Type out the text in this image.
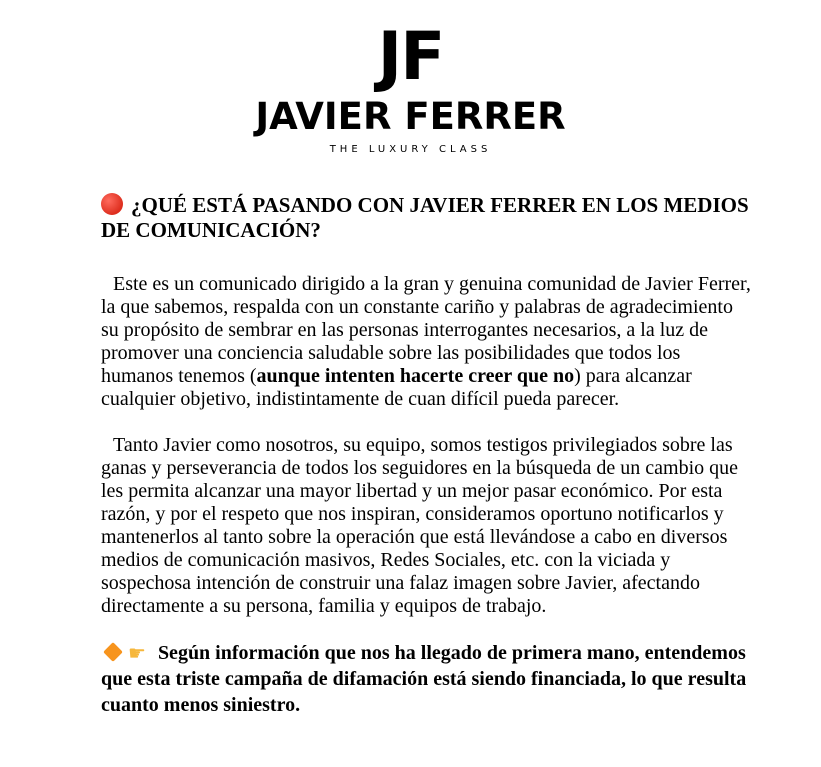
JF
JAVIER FERRER
THE LUXURY CLASS
¿QUÉ ESTÁ PASANDO CON JAVIER FERRER EN LOS MEDIOS DE COMUNICACIÓN?

Este es un comunicado dirigido a la gran y genuina comunidad de Javier Ferrer, la que sabemos, respalda con un constante cariño y palabras de agradecimiento su propósito de sembrar en las personas interrogantes necesarios, a la luz de promover una conciencia saludable sobre las posibilidades que todos los humanos tenemos (aunque intenten hacerte creer que no) para alcanzar cualquier objetivo, indistintamente de cuan difícil pueda parecer.

Tanto Javier como nosotros, su equipo, somos testigos privilegiados sobre las ganas y perseverancia de todos los seguidores en la búsqueda de un cambio que les permita alcanzar una mayor libertad y un mejor pasar económico. Por esta razón, y por el respeto que nos inspiran, consideramos oportuno notificarlos y mantenerlos al tanto sobre la operación que está llevándose a cabo en diversos medios de comunicación masivos, Redes Sociales, etc. con la viciada y sospechosa intención de construir una falaz imagen sobre Javier, afectando directamente a su persona, familia y equipos de trabajo.

☛ Según información que nos ha llegado de primera mano, entendemos que esta triste campaña de difamación está siendo financiada, lo que resulta cuanto menos siniestro.
